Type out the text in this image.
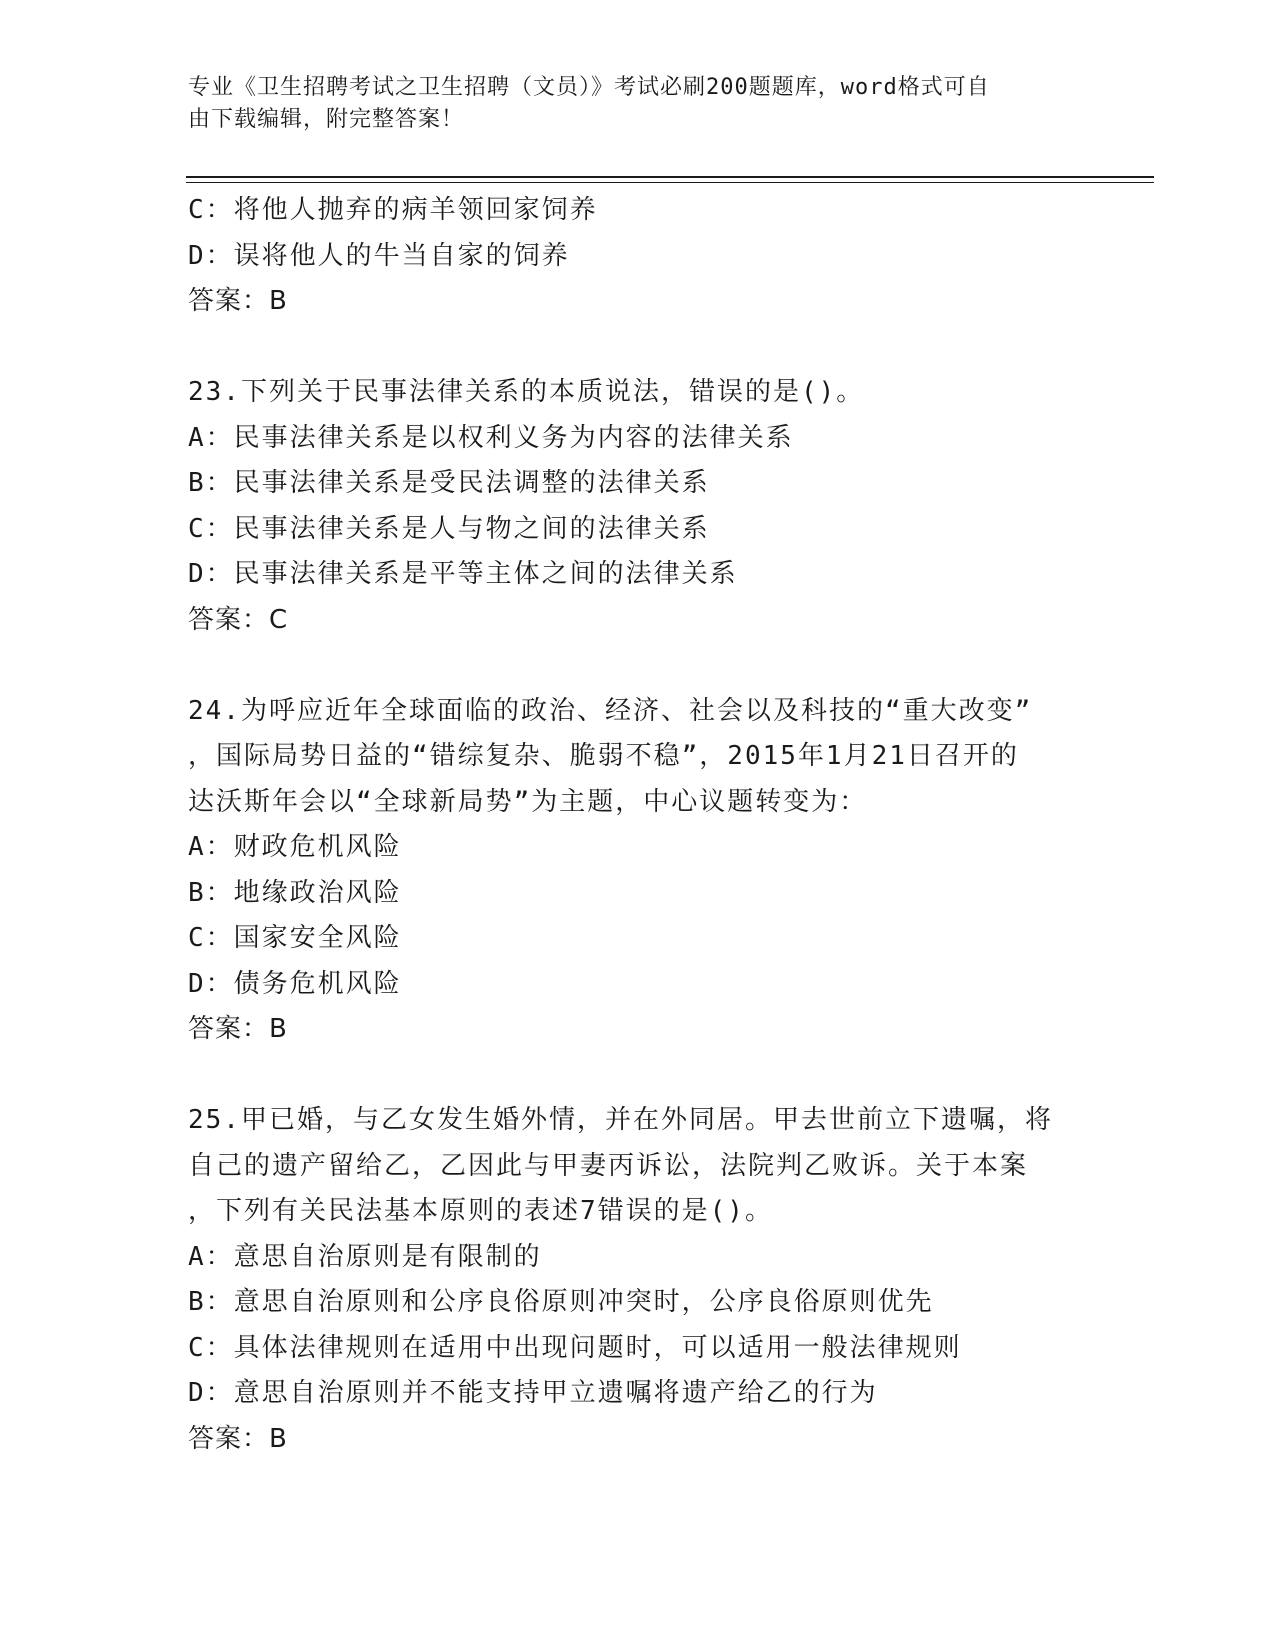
专业《卫生招聘考试之卫生招聘（文员）》考试必刷200题题库，word格式可自
由下载编辑，附完整答案！
C：将他人抛弃的病羊领回家饲养
D：误将他人的牛当自家的饲养
答案：B
23.下列关于民事法律关系的本质说法，错误的是()。
A：民事法律关系是以权利义务为内容的法律关系
B：民事法律关系是受民法调整的法律关系
C：民事法律关系是人与物之间的法律关系
D：民事法律关系是平等主体之间的法律关系
答案：C
24.为呼应近年全球面临的政治、经济、社会以及科技的“重大改变”
，国际局势日益的“错综复杂、脆弱不稳”，2015年1月21日召开的
达沃斯年会以“全球新局势”为主题，中心议题转变为：
A：财政危机风险
B：地缘政治风险
C：国家安全风险
D：债务危机风险
答案：B
25.甲已婚，与乙女发生婚外情，并在外同居。甲去世前立下遗嘱，将
自己的遗产留给乙，乙因此与甲妻丙诉讼，法院判乙败诉。关于本案
，下列有关民法基本原则的表述7错误的是()。
A：意思自治原则是有限制的
B：意思自治原则和公序良俗原则冲突时，公序良俗原则优先
C：具体法律规则在适用中出现问题时，可以适用一般法律规则
D：意思自治原则并不能支持甲立遗嘱将遗产给乙的行为
答案：B
